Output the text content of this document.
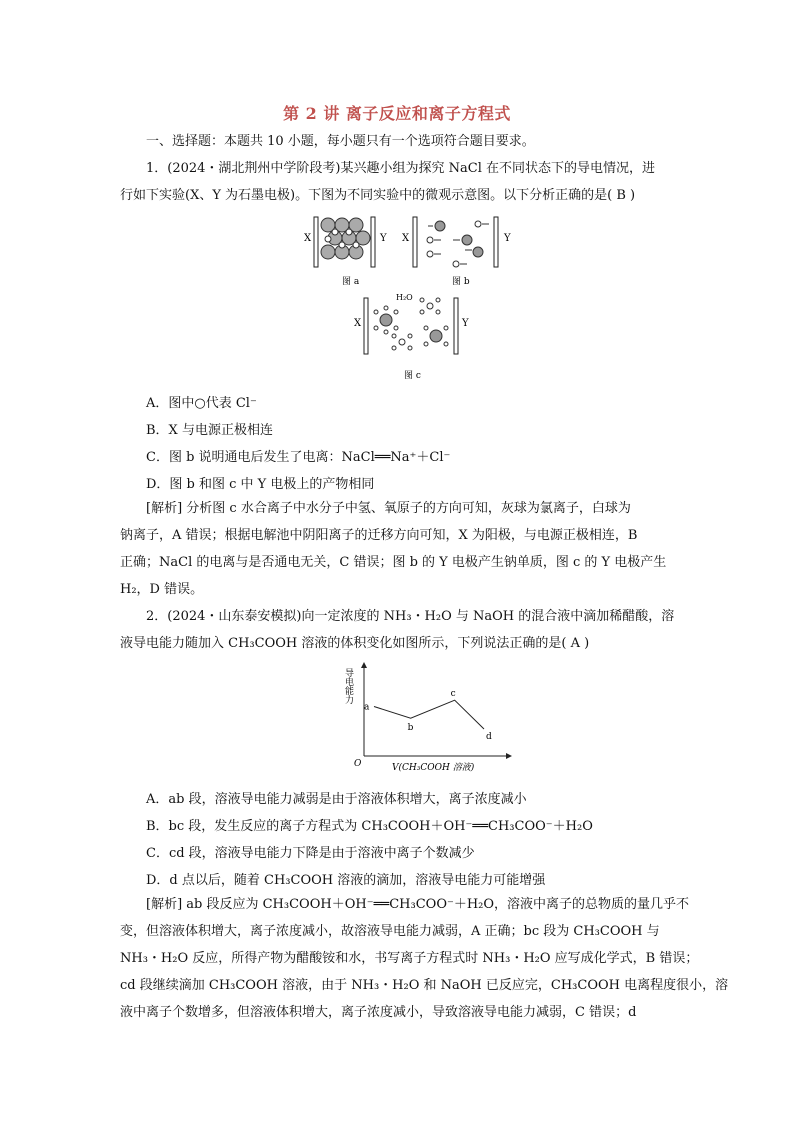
第 2 讲 离子反应和离子方程式
一、选择题：本题共 10 小题，每小题只有一个选项符合题目要求。
1．(2024・湖北荆州中学阶段考)某兴趣小组为探究 NaCl 在不同状态下的导电情况，进
行如下实验(X、Y 为石墨电极)。下图为不同实验中的微观示意图。以下分析正确的是( B )
X	Y
图 a
X	Y
图 b
X	Y
H₂O
图 c
A．图中○代表 Cl⁻
B．X 与电源正极相连
C．图 b 说明通电后发生了电离：NaCl══Na⁺＋Cl⁻
D．图 b 和图 c 中 Y 电极上的产物相同
[解析] 分析图 c 水合离子中水分子中氢、氧原子的方向可知，灰球为氯离子，白球为
钠离子，A 错误；根据电解池中阴阳离子的迁移方向可知，X 为阳极，与电源正极相连，B
正确；NaCl 的电离与是否通电无关，C 错误；图 b 的 Y 电极产生钠单质，图 c 的 Y 电极产生
H₂，D 错误。
2．(2024・山东泰安模拟)向一定浓度的 NH₃・H₂O 与 NaOH 的混合液中滴加稀醋酸，溶
液导电能力随加入 CH₃COOH 溶液的体积变化如图所示，下列说法正确的是( A )
导电能力
V(CH₃COOH 溶液)
O
a
b
c
d
A．ab 段，溶液导电能力减弱是由于溶液体积增大，离子浓度减小
B．bc 段，发生反应的离子方程式为 CH₃COOH＋OH⁻══CH₃COO⁻＋H₂O
C．cd 段，溶液导电能力下降是由于溶液中离子个数减少
D．d 点以后，随着 CH₃COOH 溶液的滴加，溶液导电能力可能增强
[解析] ab 段反应为 CH₃COOH＋OH⁻══CH₃COO⁻＋H₂O，溶液中离子的总物质的量几乎不
变，但溶液体积增大，离子浓度减小，故溶液导电能力减弱，A 正确；bc 段为 CH₃COOH 与
NH₃・H₂O 反应，所得产物为醋酸铵和水，书写离子方程式时 NH₃・H₂O 应写成化学式，B 错误；
cd 段继续滴加 CH₃COOH 溶液，由于 NH₃・H₂O 和 NaOH 已反应完，CH₃COOH 电离程度很小，溶
液中离子个数增多，但溶液体积增大，离子浓度减小，导致溶液导电能力减弱，C 错误；d
